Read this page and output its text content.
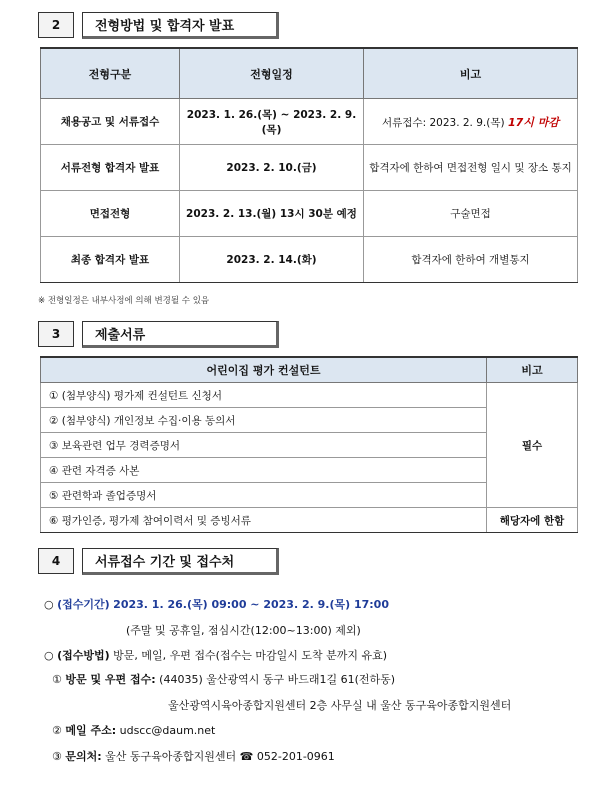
2	전형방법 및 합격자 발표
전형구분	전형일정	비고
채용공고 및 서류접수	2023. 1. 26.(목) ~ 2023. 2. 9.(목)	서류접수: 2023. 2. 9.(목) 17시 마감
서류전형 합격자 발표	2023. 2. 10.(금)	합격자에 한하여 면접전형 일시 및 장소 통지
면접전형	2023. 2. 13.(월) 13시 30분 예정	구술면접
최종 합격자 발표	2023. 2. 14.(화)	합격자에 한하여 개별통지
※ 전형일정은 내부사정에 의해 변경될 수 있음
3	제출서류
어린이집 평가 컨설턴트	비고
① (첨부양식) 평가제 컨설턴트 신청서	필수
② (첨부양식) 개인정보 수집·이용 동의서	
③ 보육관련 업무 경력증명서	
④ 관련 자격증 사본	
⑤ 관련학과 졸업증명서	
⑥ 평가인증, 평가제 참여이력서 및 증빙서류	해당자에 한함
4	서류접수 기간 및 접수처
○ (접수기간) 2023. 1. 26.(목) 09:00 ~ 2023. 2. 9.(목) 17:00
(주말 및 공휴일, 점심시간(12:00~13:00) 제외)
○ (접수방법) 방문, 메일, 우편 접수(접수는 마감일시 도착 분까지 유효)
① 방문 및 우편 접수: (44035) 울산광역시 동구 바드래1길 61(전하동)
울산광역시육아종합지원센터 2층 사무실 내 울산 동구육아종합지원센터
② 메일 주소: udscc@daum.net
③ 문의처: 울산 동구육아종합지원센터 ☎ 052-201-0961
